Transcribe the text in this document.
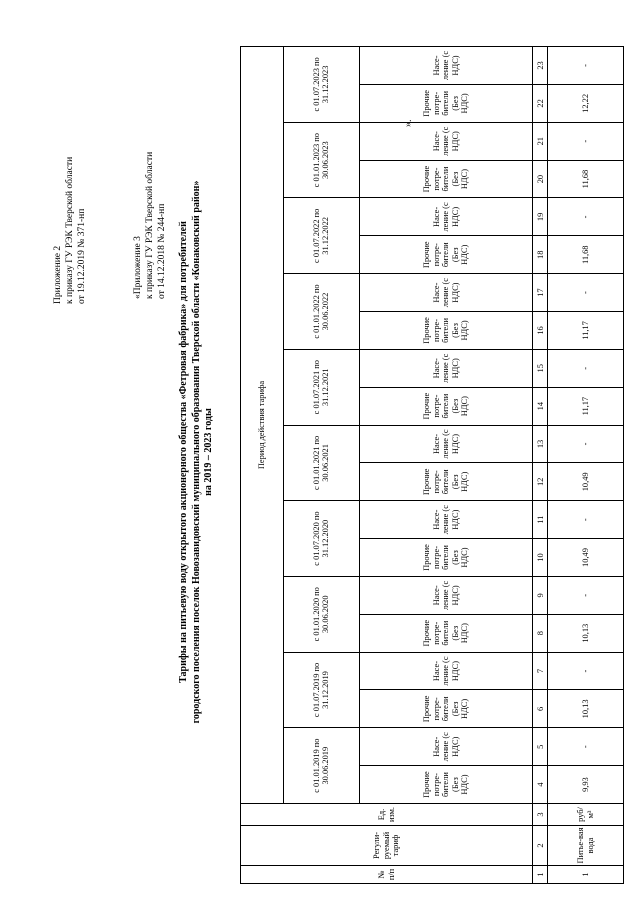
Приложение 2 к приказу ГУ РЭК Тверской области от 19.12.2019 № 371-нп	«Приложение 3 к приказу ГУ РЭК Тверской области от 14.12.2018 № 244-нп Тарифы на питьевую воду открытого акционерного общества «Фетровая фабрика» для потребителей городского поселения поселок Новозавидовский муниципального образования Тверской области «Конаковский район» на 2019 – 2023 годы
№ п/п	Регули-руемый тариф	Ед. изм.	Период действия тарифа																			
			с 01.01.2019 по 30.06.2019		с 01.07.2019 по 31.12.2019		с 01.01.2020 по 30.06.2020		с 01.07.2020 по 31.12.2020		с 01.01.2021 по 30.06.2021		с 01.07.2021 по 31.12.2021		с 01.01.2022 по 30.06.2022		с 01.07.2022 по 31.12.2022		с 01.01.2023 по 30.06.2023		с 01.07.2023 по 31.12.2023	
			Прочие потре-бители (Без НДС)	Насе-ление (с НДС)	Прочие потре-бители (Без НДС)	Насе-ление (с НДС)	Прочие потре-бители (Без НДС)	Насе-ление (с НДС)	Прочие потре-бители (Без НДС)	Насе-ление (с НДС)	Прочие потре-бители (Без НДС)	Насе-ление (с НДС)	Прочие потре-бители (Без НДС)	Насе-ление (с НДС)	Прочие потре-бители (Без НДС)	Насе-ление (с НДС)	Прочие потре-бители (Без НДС)	Насе-ление (с НДС)	Прочие потре-бители (Без НДС)	Насе-ление (с НДС)	Прочие потре-бители (Без НДС)	Насе-ление (с НДС)
1	2	3	4	5	6	7	8	9	10	11	12	13	14	15	16	17	18	19	20	21	22	23
1	Питье-вая вода	руб/м³	9,93	-	10,13	-	10,13	-	10,49	-	10,49	-	11,17	-	11,17	-	11,68	-	11,68	-	12,22	-
».
